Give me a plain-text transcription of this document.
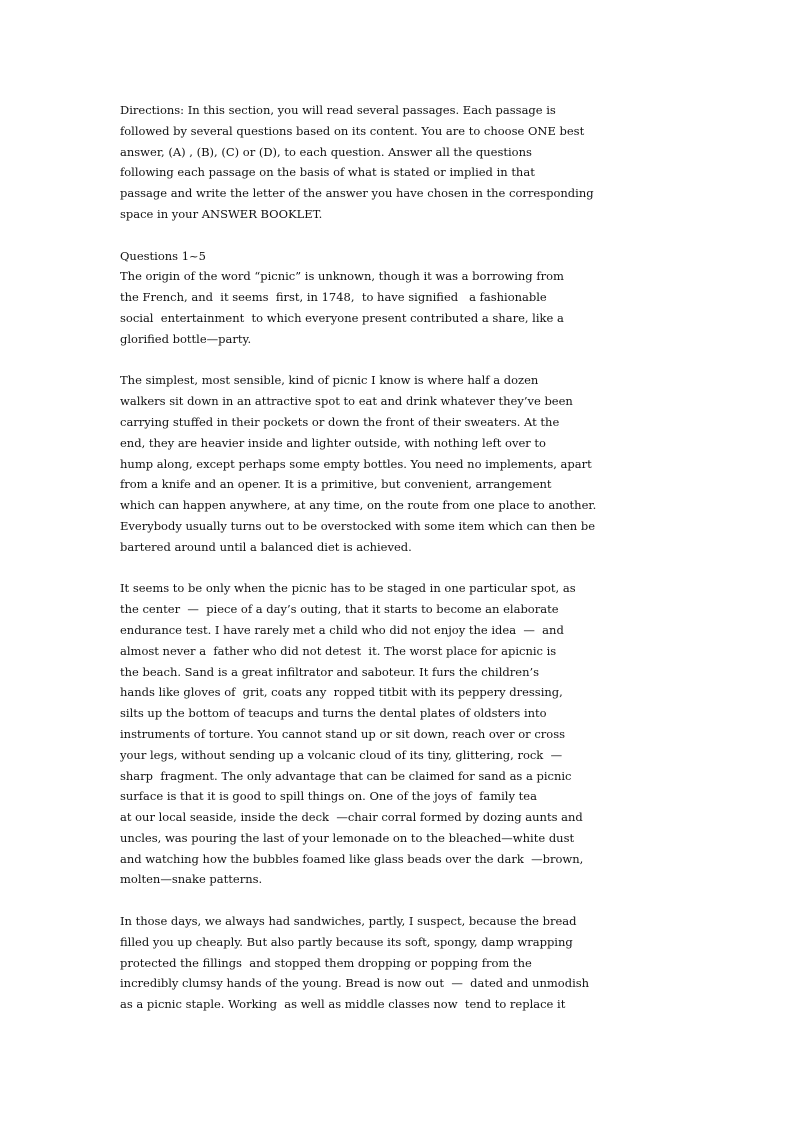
Directions: In this section, you will read several passages. Each passage is
followed by several questions based on its content. You are to choose ONE best
answer, (A) , (B), (C) or (D), to each question. Answer all the questions
following each passage on the basis of what is stated or implied in that
passage and write the letter of the answer you have chosen in the corresponding
space in your ANSWER BOOKLET.
Questions 1~5
The origin of the word “picnic” is unknown, though it was a borrowing from
the French, and  it seems  first, in 1748,  to have signified   a fashionable
social  entertainment  to which everyone present contributed a share, like a
glorified bottle—party.
The simplest, most sensible, kind of picnic I know is where half a dozen
walkers sit down in an attractive spot to eat and drink whatever they’ve been
carrying stuffed in their pockets or down the front of their sweaters. At the
end, they are heavier inside and lighter outside, with nothing left over to
hump along, except perhaps some empty bottles. You need no implements, apart
from a knife and an opener. It is a primitive, but convenient, arrangement
which can happen anywhere, at any time, on the route from one place to another.
Everybody usually turns out to be overstocked with some item which can then be
bartered around until a balanced diet is achieved.
It seems to be only when the picnic has to be staged in one particular spot, as
the center  —  piece of a day’s outing, that it starts to become an elaborate
endurance test. I have rarely met a child who did not enjoy the idea  —  and
almost never a  father who did not detest  it. The worst place for apicnic is
the beach. Sand is a great infiltrator and saboteur. It furs the children’s
hands like gloves of  grit, coats any  ropped titbit with its peppery dressing,
silts up the bottom of teacups and turns the dental plates of oldsters into
instruments of torture. You cannot stand up or sit down, reach over or cross
your legs, without sending up a volcanic cloud of its tiny, glittering, rock  —
sharp  fragment. The only advantage that can be claimed for sand as a picnic
surface is that it is good to spill things on. One of the joys of  family tea
at our local seaside, inside the deck  —chair corral formed by dozing aunts and
uncles, was pouring the last of your lemonade on to the bleached—white dust
and watching how the bubbles foamed like glass beads over the dark  —brown,
molten—snake patterns.
In those days, we always had sandwiches, partly, I suspect, because the bread
filled you up cheaply. But also partly because its soft, spongy, damp wrapping
protected the fillings  and stopped them dropping or popping from the
incredibly clumsy hands of the young. Bread is now out  —  dated and unmodish
as a picnic staple. Working  as well as middle classes now  tend to replace it
